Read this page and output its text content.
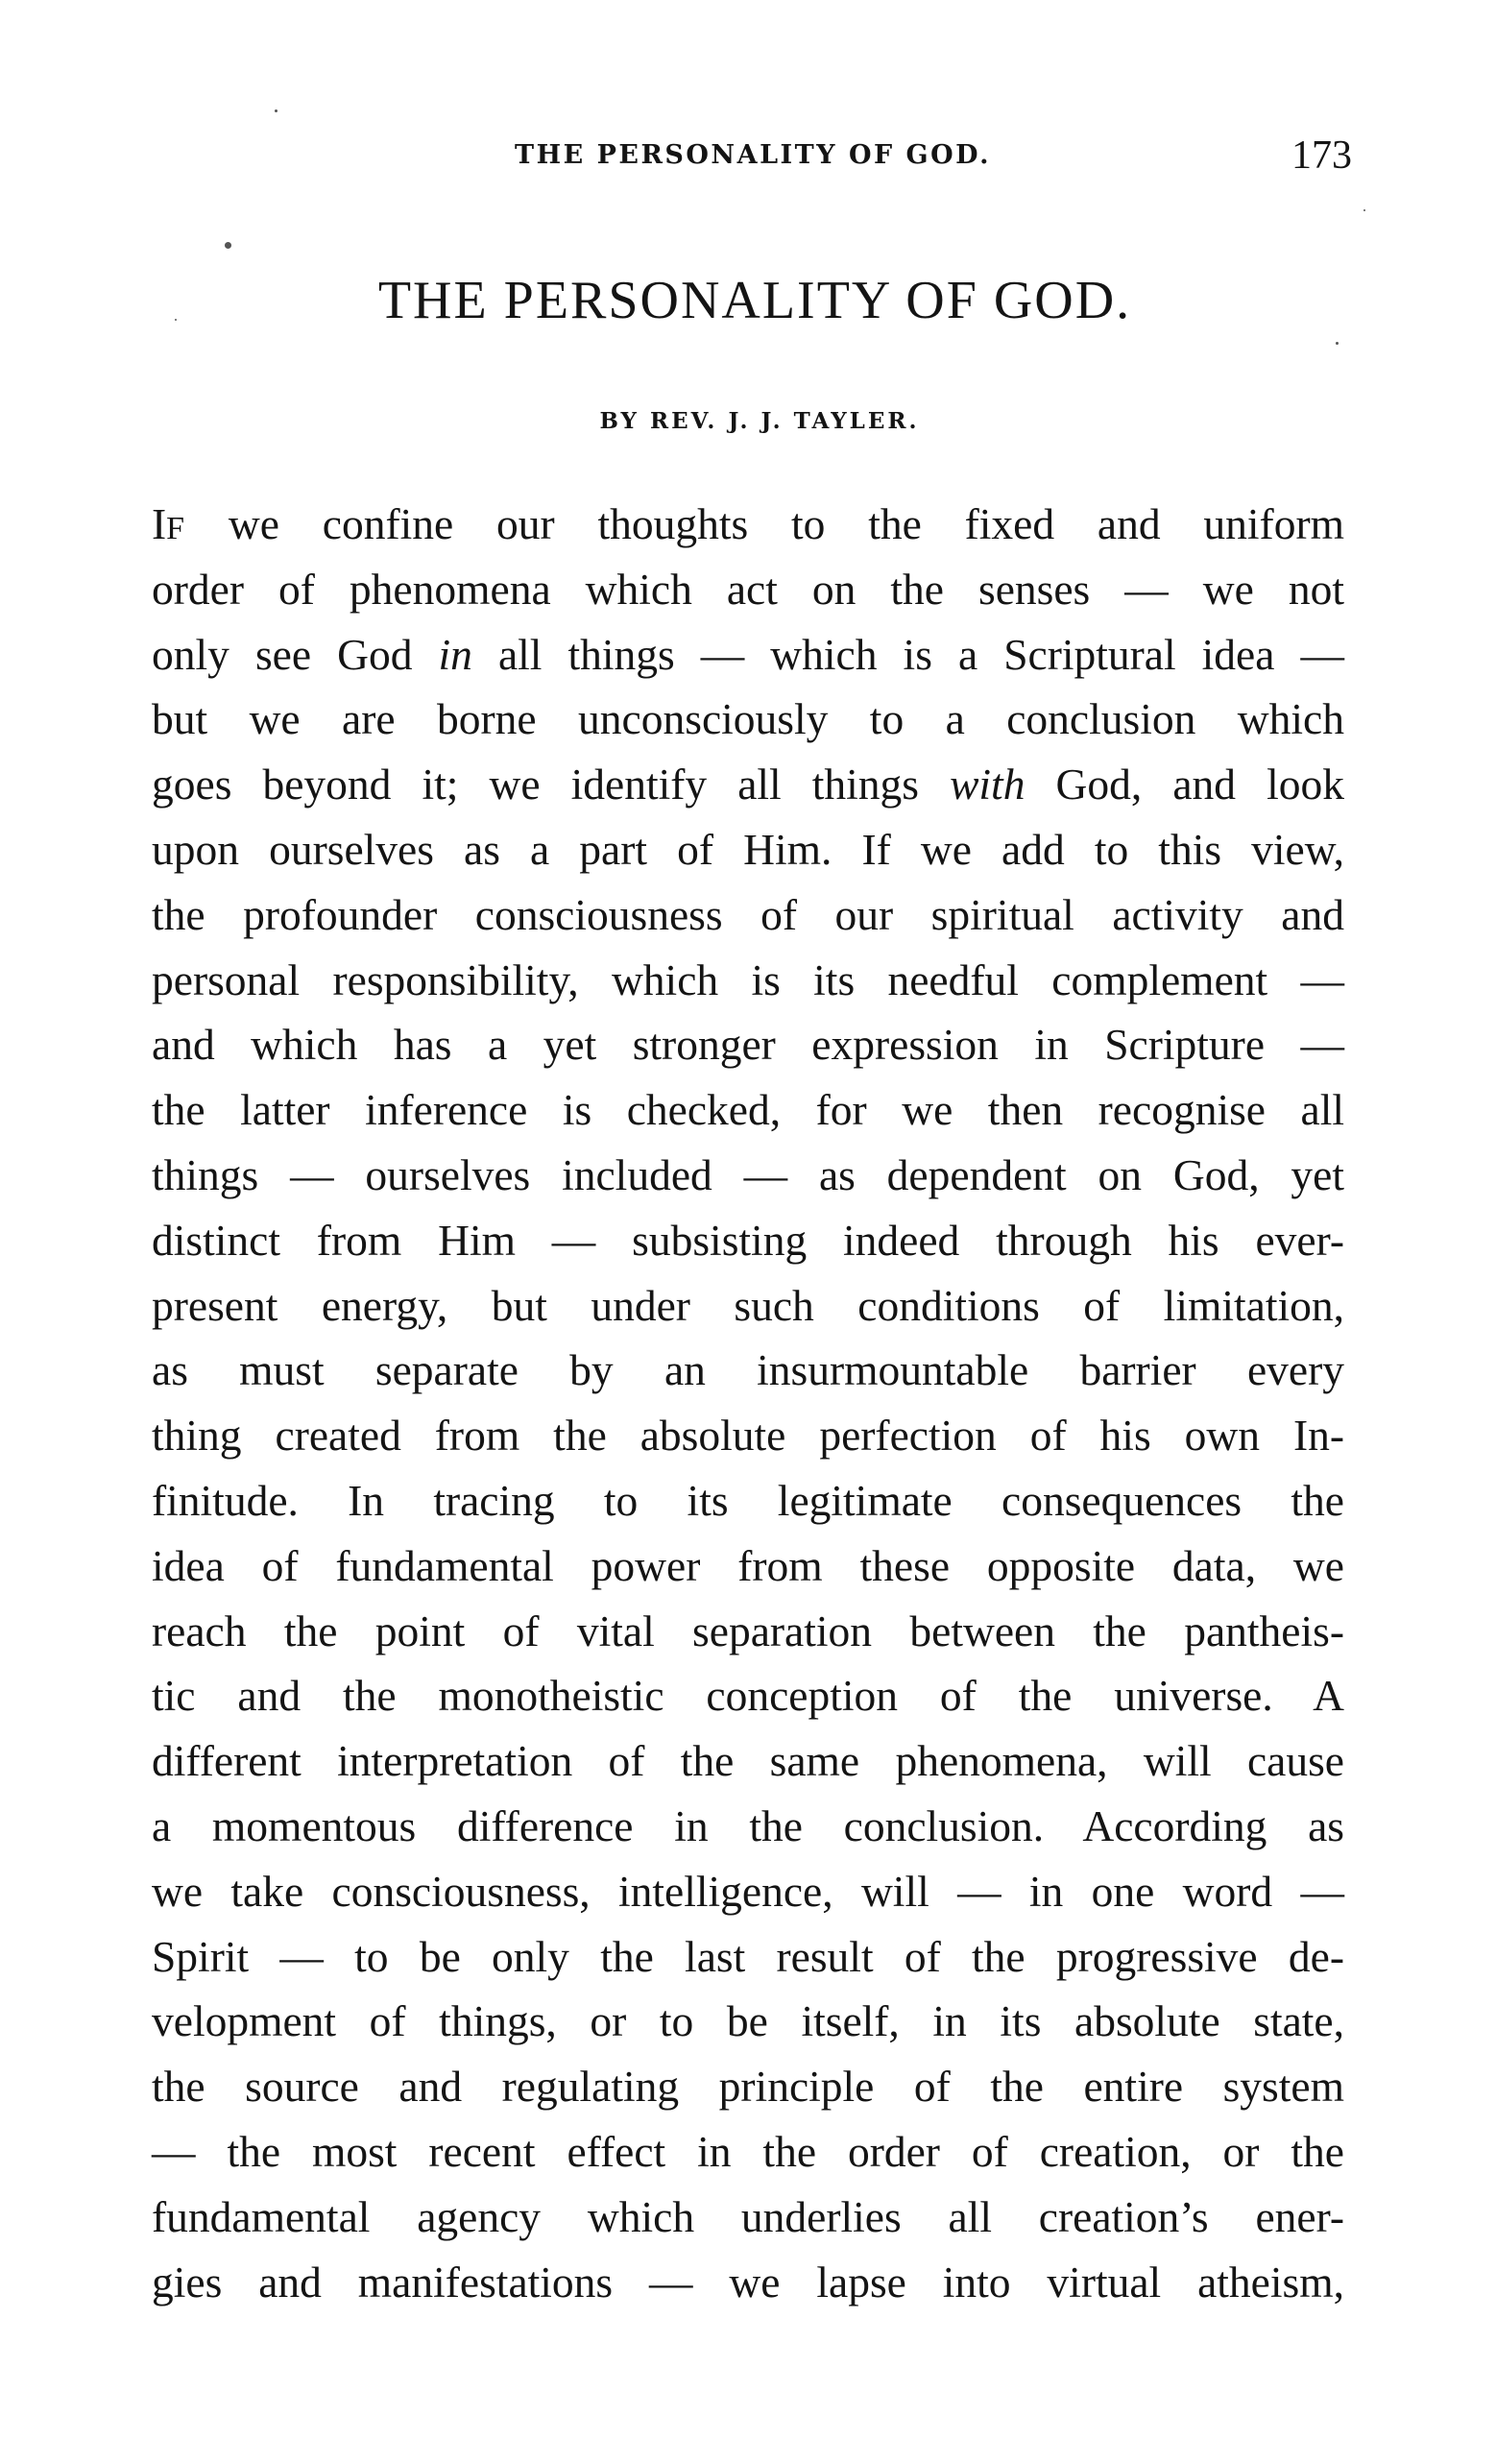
THE PERSONALITY OF GOD.	173
THE PERSONALITY OF GOD.
BY REV. J. J. TAYLER.
IF we confine our thoughts to the fixed and uniform
order of phenomena which act on the senses — we not
only see God in all things — which is a Scriptural idea —
but we are borne unconsciously to a conclusion which
goes beyond it; we identify all things with God, and look
upon ourselves as a part of Him. If we add to this view,
the profounder consciousness of our spiritual activity and
personal responsibility, which is its needful complement —
and which has a yet stronger expression in Scripture —
the latter inference is checked, for we then recognise all
things — ourselves included — as dependent on God, yet
distinct from Him — subsisting indeed through his ever-
present energy, but under such conditions of limitation,
as must separate by an insurmountable barrier every
thing created from the absolute perfection of his own In-
finitude. In tracing to its legitimate consequences the
idea of fundamental power from these opposite data, we
reach the point of vital separation between the pantheis-
tic and the monotheistic conception of the universe. A
different interpretation of the same phenomena, will cause
a momentous difference in the conclusion. According as
we take consciousness, intelligence, will — in one word —
Spirit — to be only the last result of the progressive de-
velopment of things, or to be itself, in its absolute state,
the source and regulating principle of the entire system
— the most recent effect in the order of creation, or the
fundamental agency which underlies all creation’s ener-
gies and manifestations — we lapse into virtual atheism,
